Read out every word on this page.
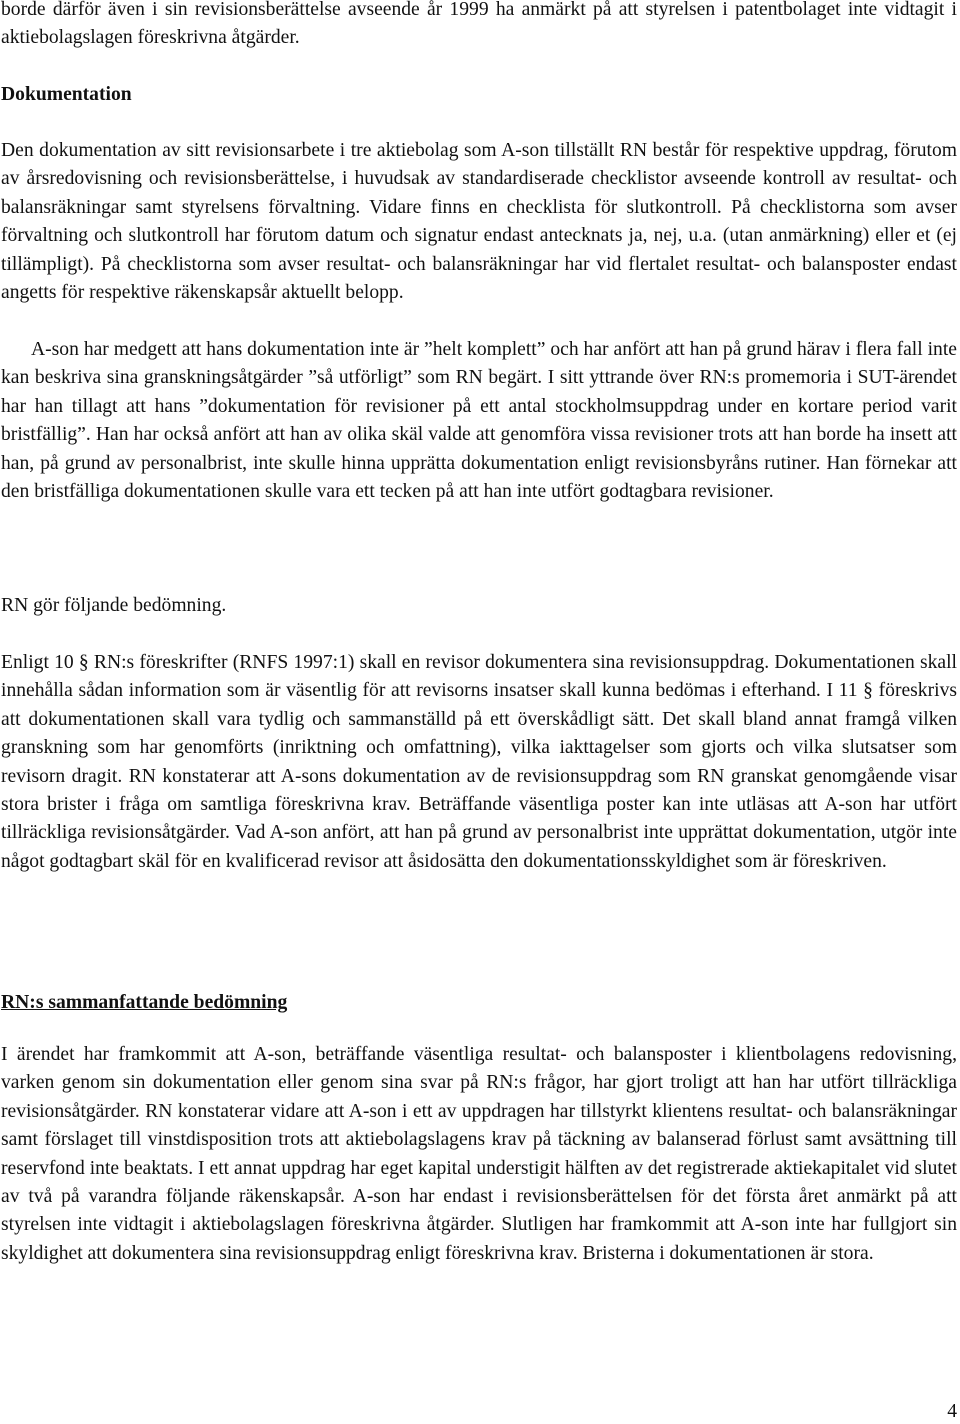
borde därför även i sin revisionsberättelse avseende år 1999 ha anmärkt på att styrelsen i patentbolaget inte vidtagit i aktiebolagslagen föreskrivna åtgärder.

Dokumentation

Den dokumentation av sitt revisionsarbete i tre aktiebolag som A-son tillställt RN består för respektive uppdrag, förutom av årsredovisning och revisionsberättelse, i huvudsak av standardiserade checklistor avseende kontroll av resultat- och balansräkningar samt styrelsens förvaltning. Vidare finns en checklista för slutkontroll. På checklistorna som avser förvaltning och slutkontroll har förutom datum och signatur endast antecknats ja, nej, u.a. (utan anmärkning) eller et (ej tillämpligt). På checklistorna som avser resultat- och balansräkningar har vid flertalet resultat- och balansposter endast angetts för respektive räkenskapsår aktuellt belopp.

A-son har medgett att hans dokumentation inte är ”helt komplett” och har anfört att han på grund härav i flera fall inte kan beskriva sina granskningsåtgärder ”så utförligt” som RN begärt. I sitt yttrande över RN:s promemoria i SUT-ärendet har han tillagt att hans ”dokumentation för revisioner på ett antal stockholmsuppdrag under en kortare period varit bristfällig”. Han har också anfört att han av olika skäl valde att genomföra vissa revisioner trots att han borde ha insett att han, på grund av personalbrist, inte skulle hinna upprätta dokumentation enligt revisionsbyråns rutiner. Han förnekar att den bristfälliga dokumentationen skulle vara ett tecken på att han inte utfört godtagbara revisioner.

RN gör följande bedömning.

Enligt 10 § RN:s föreskrifter (RNFS 1997:1) skall en revisor dokumentera sina revisionsuppdrag. Dokumentationen skall innehålla sådan information som är väsentlig för att revisorns insatser skall kunna bedömas i efterhand. I 11 § föreskrivs att dokumentationen skall vara tydlig och sammanställd på ett överskådligt sätt. Det skall bland annat framgå vilken granskning som har genomförts (inriktning och omfattning), vilka iakttagelser som gjorts och vilka slutsatser som revisorn dragit. RN konstaterar att A-sons dokumentation av de revisionsuppdrag som RN granskat genomgående visar stora brister i fråga om samtliga föreskrivna krav. Beträffande väsentliga poster kan inte utläsas att A-son har utfört tillräckliga revisionsåtgärder. Vad A-son anfört, att han på grund av personalbrist inte upprättat dokumentation, utgör inte något godtagbart skäl för en kvalificerad revisor att åsidosätta den dokumentationsskyldighet som är föreskriven.

RN:s sammanfattande bedömning

I ärendet har framkommit att A-son, beträffande väsentliga resultat- och balansposter i klientbolagens redovisning, varken genom sin dokumentation eller genom sina svar på RN:s frågor, har gjort troligt att han har utfört tillräckliga revisionsåtgärder. RN konstaterar vidare att A-son i ett av uppdragen har tillstyrkt klientens resultat- och balansräkningar samt förslaget till vinstdisposition trots att aktiebolagslagens krav på täckning av balanserad förlust samt avsättning till reservfond inte beaktats. I ett annat uppdrag har eget kapital understigit hälften av det registrerade aktiekapitalet vid slutet av två på varandra följande räkenskapsår. A-son har endast i revisionsberättelsen för det första året anmärkt på att styrelsen inte vidtagit i aktiebolagslagen föreskrivna åtgärder. Slutligen har framkommit att A-son inte har fullgjort sin skyldighet att dokumentera sina revisionsuppdrag enligt föreskrivna krav. Bristerna i dokumentationen är stora.

4
